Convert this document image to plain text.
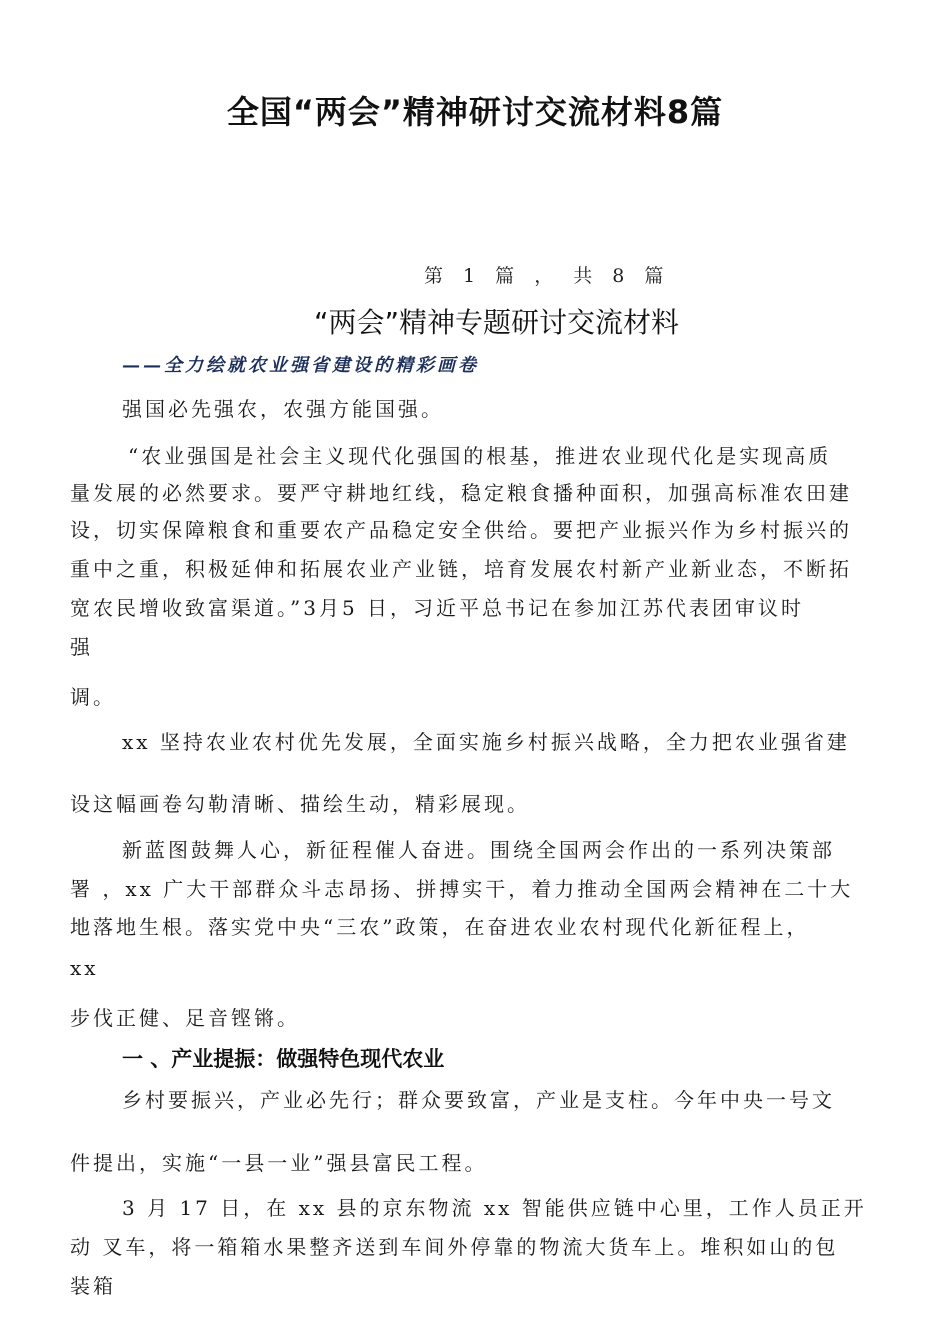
全国“两会”精神研讨交流材料8篇
第 1 篇 ， 共 8 篇
“两会”精神专题研讨交流材料
——全力绘就农业强省建设的精彩画卷
强国必先强农，农强方能国强。
“农业强国是社会主义现代化强国的根基，推进农业现代化是实现高质
量发展的必然要求。要严守耕地红线，稳定粮食播种面积，加强高标准农田建
设，切实保障粮食和重要农产品稳定安全供给。要把产业振兴作为乡村振兴的
重中之重，积极延伸和拓展农业产业链，培育发展农村新产业新业态，不断拓
宽农民增收致富渠道。”3月5 日，习近平总书记在参加江苏代表团审议时
强
调。
xx 坚持农业农村优先发展，全面实施乡村振兴战略，全力把农业强省建
设这幅画卷勾勒清晰、描绘生动，精彩展现。
新蓝图鼓舞人心，新征程催人奋进。围绕全国两会作出的一系列决策部
署 ，xx 广大干部群众斗志昂扬、拼搏实干，着力推动全国两会精神在二十大
地落地生根。落实党中央“三农”政策，在奋进农业农村现代化新征程上，
xx
步伐正健、足音铿锵。
一 、产业提振：做强特色现代农业
乡村要振兴，产业必先行；群众要致富，产业是支柱。今年中央一号文
件提出，实施“一县一业”强县富民工程。
3 月 17 日，在 xx 县的京东物流 xx 智能供应链中心里，工作人员正开
动 叉车，将一箱箱水果整齐送到车间外停靠的物流大货车上。堆积如山的包
装箱
